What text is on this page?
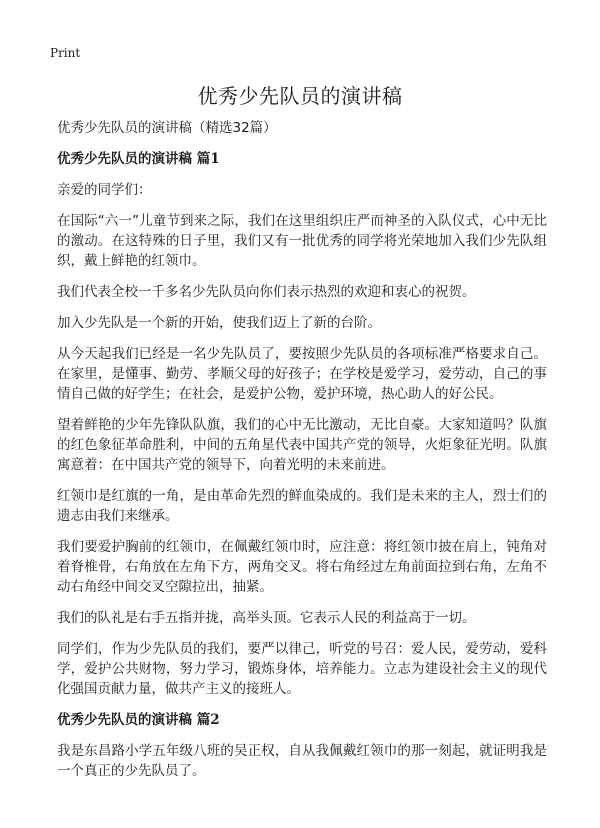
Print
优秀少先队员的演讲稿

优秀少先队员的演讲稿（精选32篇）

优秀少先队员的演讲稿 篇1

亲爱的同学们：

在国际“六一”儿童节到来之际，我们在这里组织庄严而神圣的入队仪式，心中无比的激动。在这特殊的日子里，我们又有一批优秀的同学将光荣地加入我们少先队组织，戴上鲜艳的红领巾。

我们代表全校一千多名少先队员向你们表示热烈的欢迎和衷心的祝贺。

加入少先队是一个新的开始，使我们迈上了新的台阶。

从今天起我们已经是一名少先队员了，要按照少先队员的各项标准严格要求自己。在家里，是懂事、勤劳、孝顺父母的好孩子；在学校是爱学习，爱劳动，自己的事情自己做的好学生；在社会，是爱护公物，爱护环境，热心助人的好公民。

望着鲜艳的少年先锋队队旗，我们的心中无比激动，无比自豪。大家知道吗？队旗的红色象征革命胜利，中间的五角星代表中国共产党的领导，火炬象征光明。队旗寓意着：在中国共产党的领导下，向着光明的未来前进。

红领巾是红旗的一角，是由革命先烈的鲜血染成的。我们是未来的主人，烈士们的遗志由我们来继承。

我们要爱护胸前的红领巾，在佩戴红领巾时，应注意：将红领巾披在肩上，钝角对着脊椎骨，右角放在左角下方，两角交叉。将右角经过左角前面拉到右角，左角不动右角经中间交叉空隙拉出，抽紧。

我们的队礼是右手五指并拢，高举头顶。它表示人民的利益高于一切。

同学们，作为少先队员的我们，要严以律己，听党的号召：爱人民，爱劳动，爱科学，爱护公共财物，努力学习，锻炼身体，培养能力。立志为建设社会主义的现代化强国贡献力量，做共产主义的接班人。

优秀少先队员的演讲稿 篇2

我是东昌路小学五年级八班的吴正权，自从我佩戴红领巾的那一刻起，就证明我是一个真正的少先队员了。
